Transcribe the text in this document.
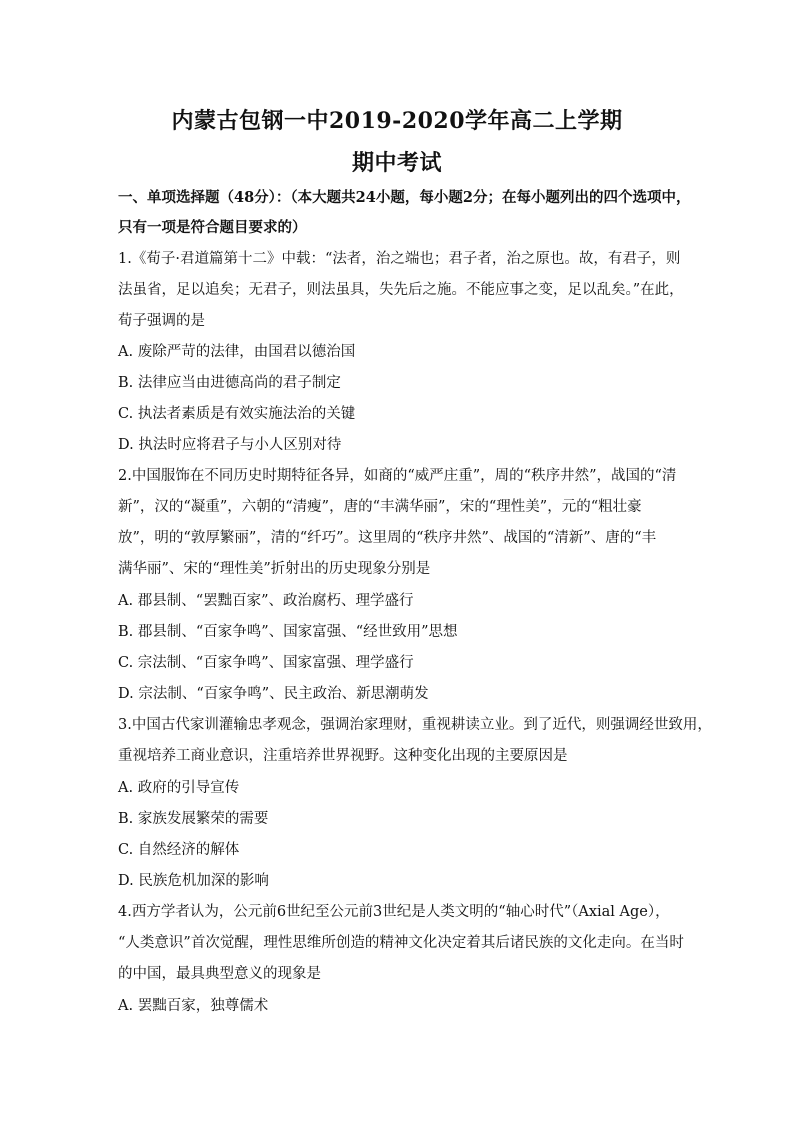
内蒙古包钢一中2019-2020学年高二上学期
期中考试
一、单项选择题（48分）：（本大题共24小题，每小题2分；在每小题列出的四个选项中，
只有一项是符合题目要求的）
1.《荀子·君道篇第十二》中载：“法者，治之端也；君子者，治之原也。故，有君子，则
法虽省，足以追矣；无君子，则法虽具，失先后之施。不能应事之变，足以乱矣。”在此，
荀子强调的是
A. 废除严苛的法律，由国君以德治国
B. 法律应当由进德高尚的君子制定
C. 执法者素质是有效实施法治的关键
D. 执法时应将君子与小人区别对待
2.中国服饰在不同历史时期特征各异，如商的“威严庄重”，周的“秩序井然”，战国的“清
新”，汉的“凝重”，六朝的“清瘦”，唐的“丰满华丽”，宋的“理性美”，元的“粗壮豪
放”，明的“敦厚繁丽”，清的“纤巧”。这里周的“秩序井然”、战国的“清新”、唐的“丰
满华丽”、宋的“理性美”折射出的历史现象分别是
A. 郡县制、“罢黜百家”、政治腐朽、理学盛行
B. 郡县制、“百家争鸣”、国家富强、“经世致用”思想
C. 宗法制、“百家争鸣”、国家富强、理学盛行
D. 宗法制、“百家争鸣”、民主政治、新思潮萌发
3.中国古代家训灌输忠孝观念，强调治家理财，重视耕读立业。到了近代，则强调经世致用，
重视培养工商业意识，注重培养世界视野。这种变化出现的主要原因是
A. 政府的引导宣传
B. 家族发展繁荣的需要
C. 自然经济的解体
D. 民族危机加深的影响
4.西方学者认为，公元前6世纪至公元前3世纪是人类文明的“轴心时代”（Axial Age），
“人类意识”首次觉醒，理性思维所创造的精神文化决定着其后诸民族的文化走向。在当时
的中国，最具典型意义的现象是
A. 罢黜百家，独尊儒术
